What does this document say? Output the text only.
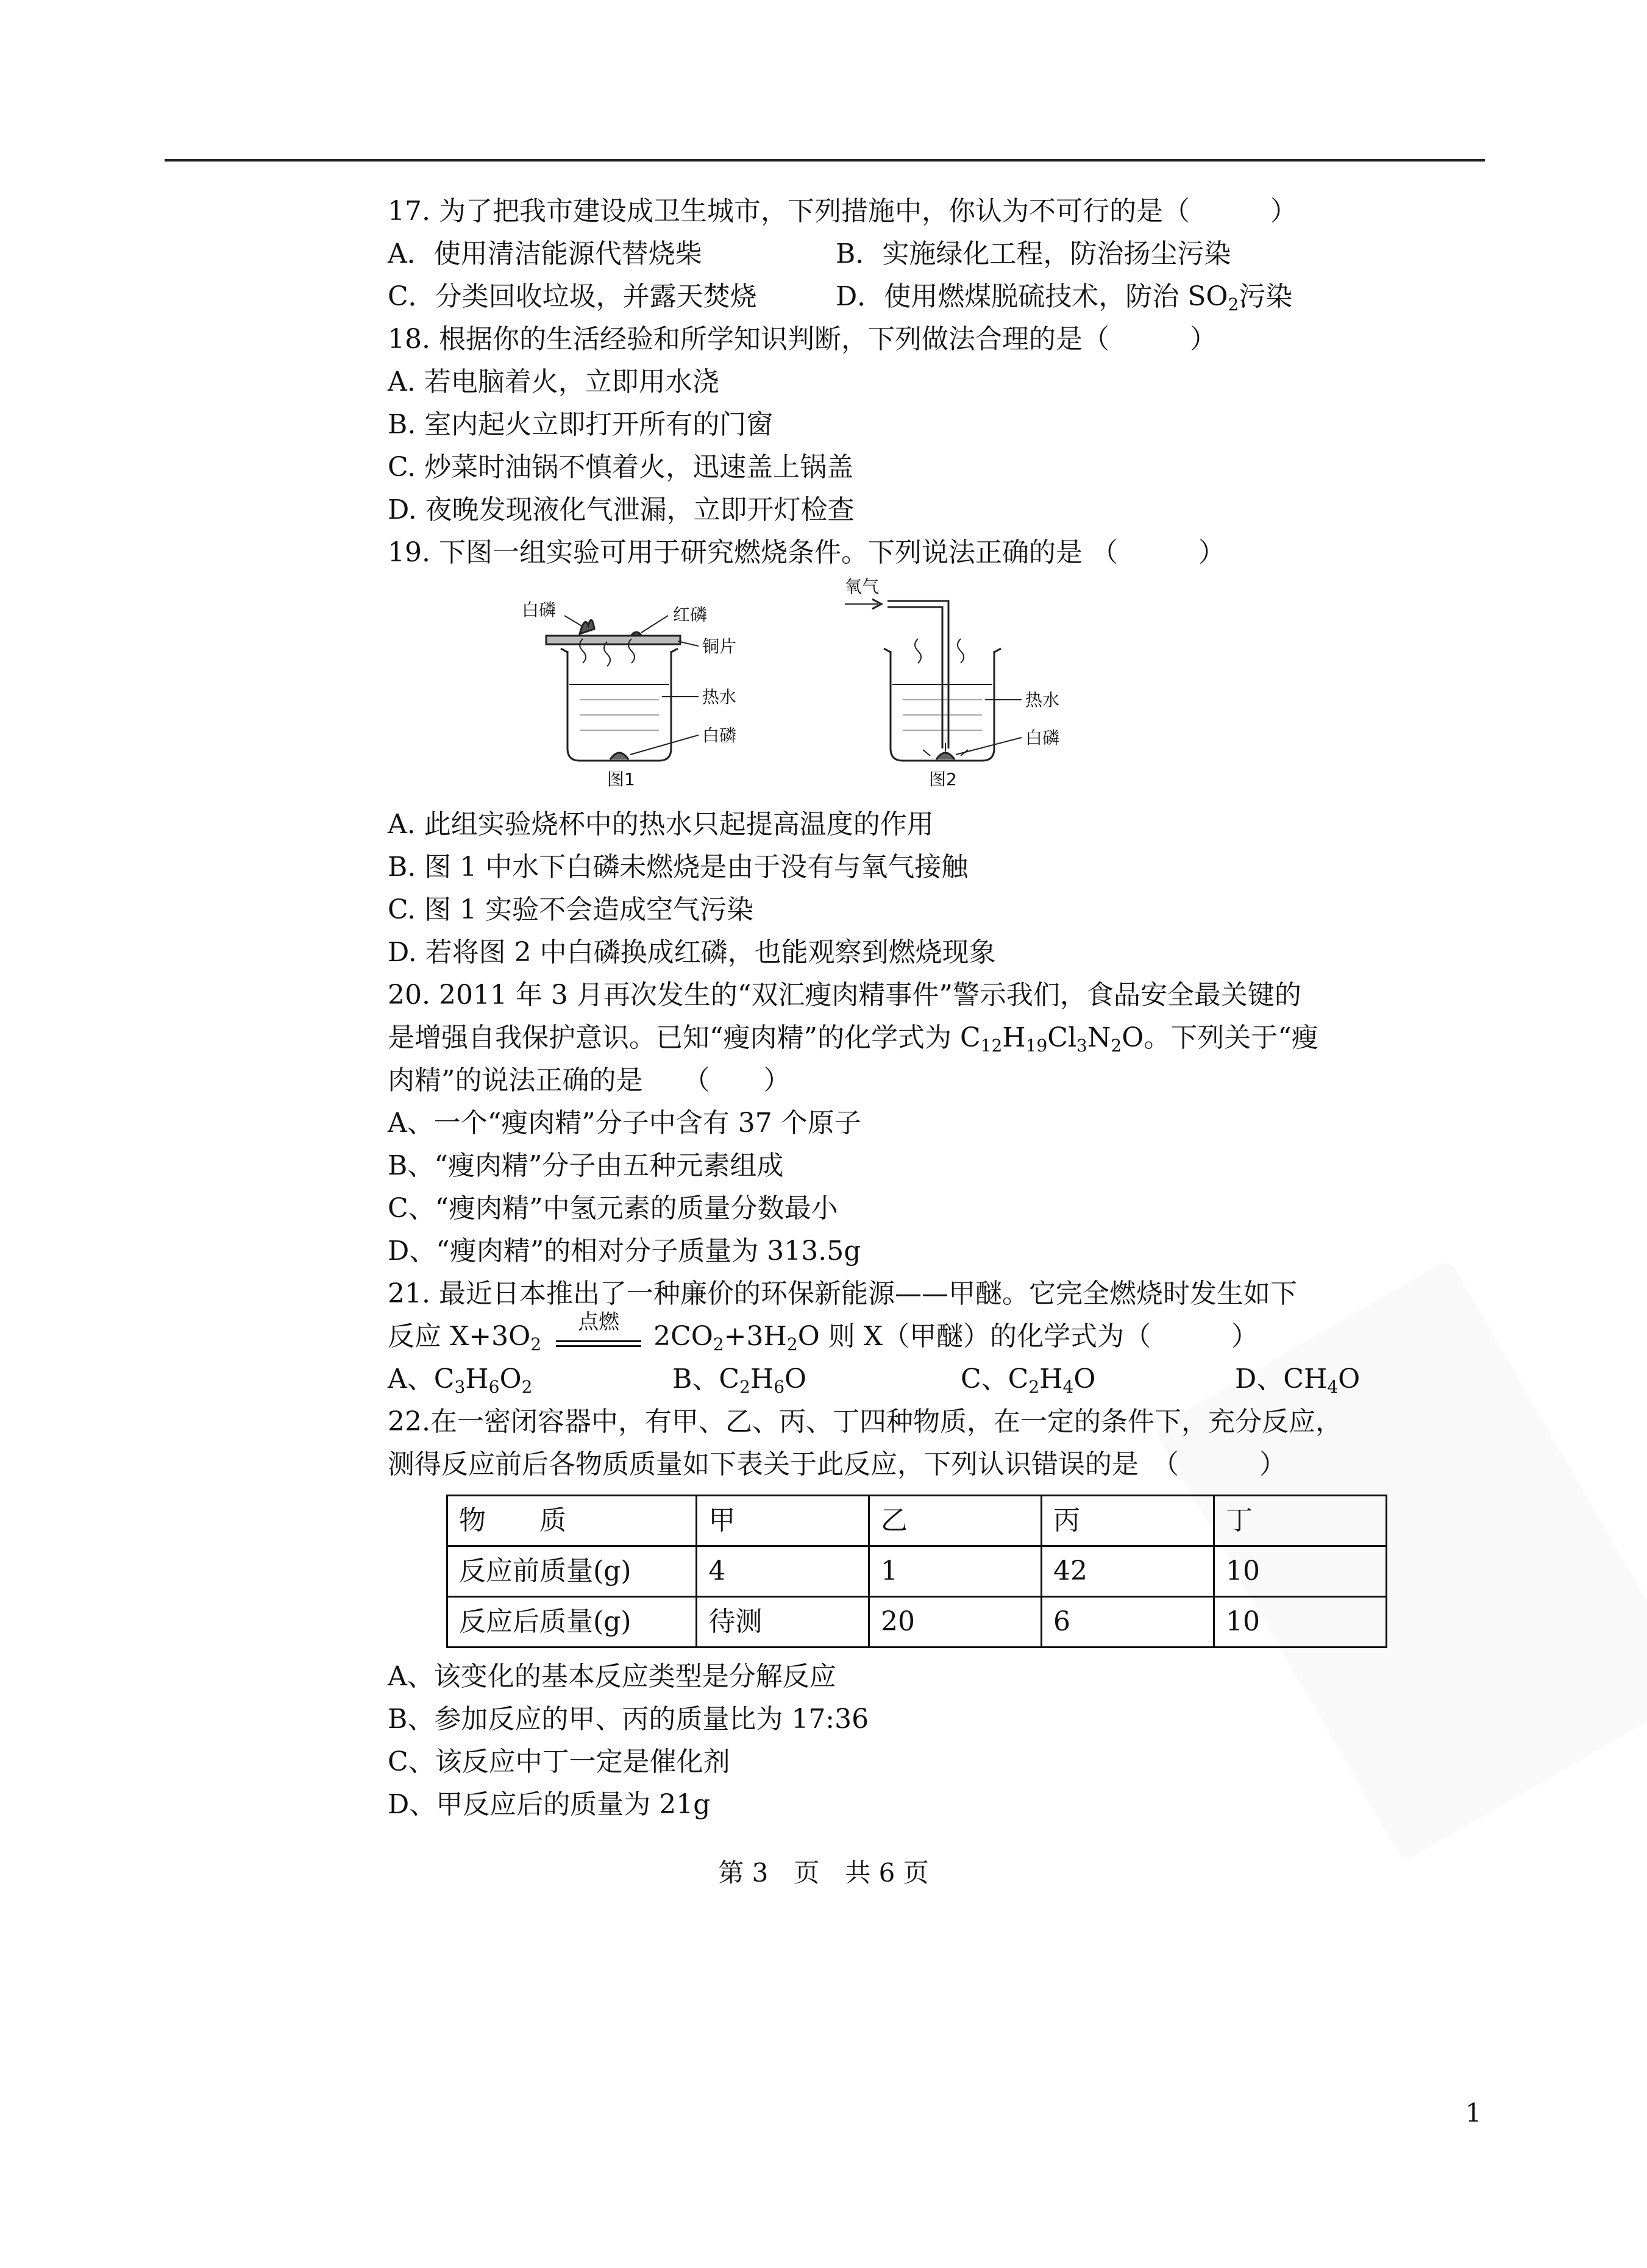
17. 为了把我市建设成卫生城市，下列措施中，你认为不可行的是（　　　）
A．使用清洁能源代替烧柴	B．实施绿化工程，防治扬尘污染
C．分类回收垃圾，并露天焚烧	D．使用燃煤脱硫技术，防治 $SO_2$污染
18. 根据你的生活经验和所学知识判断，下列做法合理的是（　　　）
A. 若电脑着火，立即用水浇
B. 室内起火立即打开所有的门窗
C. 炒菜时油锅不慎着火，迅速盖上锅盖
D. 夜晚发现液化气泄漏，立即开灯检查
19. 下图一组实验可用于研究燃烧条件。下列说法正确的是 （　　　）
白磷	红磷
铜片
热水
白磷
图1
氧气
热水
白磷
图2
A. 此组实验烧杯中的热水只起提高温度的作用
B. 图 1 中水下白磷未燃烧是由于没有与氧气接触
C. 图 1 实验不会造成空气污染
D. 若将图 2 中白磷换成红磷，也能观察到燃烧现象
20. 2011 年 3 月再次发生的“双汇瘦肉精事件”警示我们，食品安全最关键的
是增强自我保护意识。已知“瘦肉精”的化学式为 $C_{12}H_{19}Cl_3N_2O$。下列关于“瘦
肉精”的说法正确的是　　（　　）
A、一个“瘦肉精”分子中含有 37 个原子
B、“瘦肉精”分子由五种元素组成
C、“瘦肉精”中氢元素的质量分数最小
D、“瘦肉精”的相对分子质量为 313.5g
21. 最近日本推出了一种廉价的环保新能源——甲醚。它完全燃烧时发生如下
反应 $X+3O_2$
点燃	$2CO_2+3H_2O$ 则 X（甲醚）的化学式为（　　　）
A、$C_3H_6O_2$	B、$C_2H_6O$	C、$C_2H_4O$	D、$CH_4O$
22.在一密闭容器中，有甲、乙、丙、丁四种物质，在一定的条件下，充分反应，
测得反应前后各物质质量如下表关于此反应，下列认识错误的是　（　　　）
物　　质	甲	乙	丙	丁
反应前质量(g)	4	1	42	10
反应后质量(g)	待测	20	6	10
A、该变化的基本反应类型是分解反应
B、参加反应的甲、丙的质量比为 17:36
C、该反应中丁一定是催化剂
D、甲反应后的质量为 21g
第 3　页　共 6 页
1
